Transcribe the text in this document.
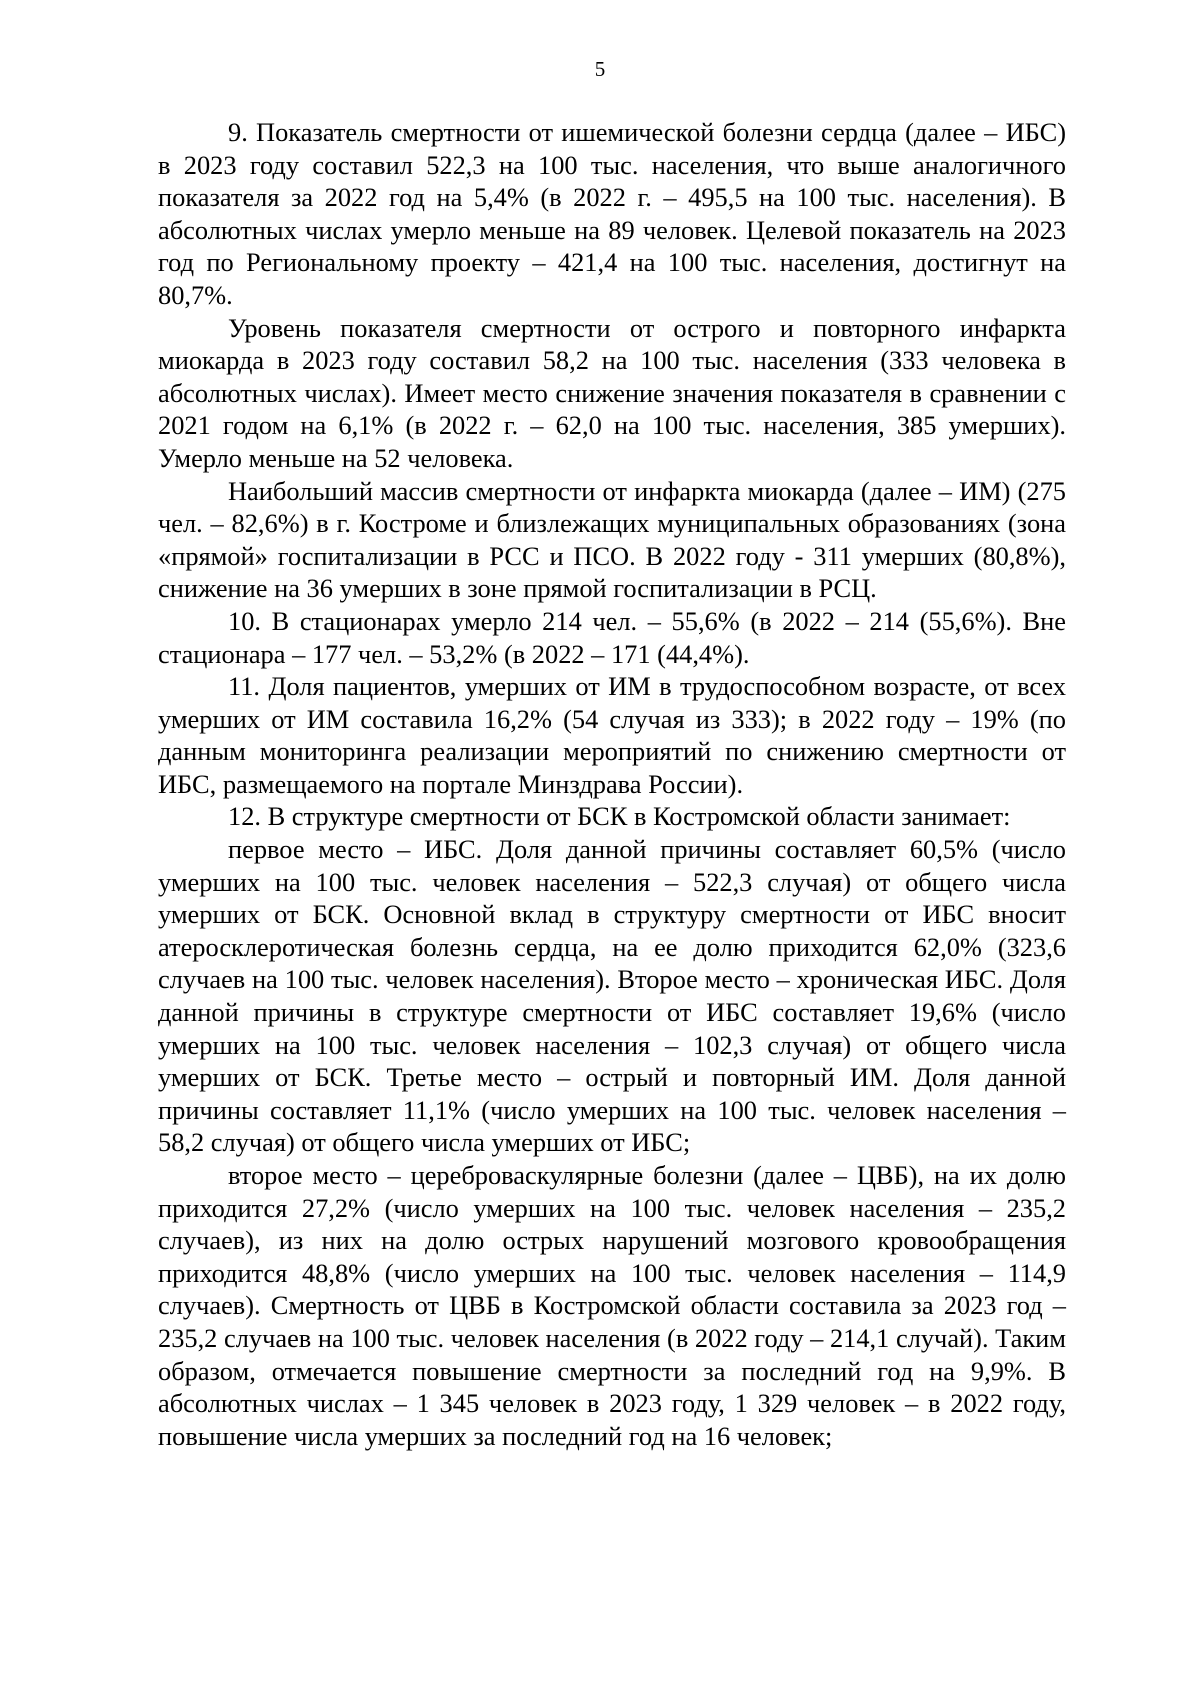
5

9. Показатель смертности от ишемической болезни сердца (далее – ИБС) в 2023 году составил 522,3 на 100 тыс. населения, что выше аналогичного показателя за 2022 год на 5,4% (в 2022 г. – 495,5 на 100 тыс. населения). В абсолютных числах умерло меньше на 89 человек. Целевой показатель на 2023 год по Региональному проекту – 421,4 на 100 тыс. населения, достигнут на 80,7%.

Уровень показателя смертности от острого и повторного инфаркта миокарда в 2023 году составил 58,2 на 100 тыс. населения (333 человека в абсолютных числах). Имеет место снижение значения показателя в сравнении с 2021 годом на 6,1% (в 2022 г. – 62,0 на 100 тыс. населения, 385 умерших). Умерло меньше на 52 человека.

Наибольший массив смертности от инфаркта миокарда (далее – ИМ) (275 чел. – 82,6%) в г. Костроме и близлежащих муниципальных образованиях (зона «прямой» госпитализации в РСС и ПСО. В 2022 году - 311 умерших (80,8%), снижение на 36 умерших в зоне прямой госпитализации в РСЦ.

10. В стационарах умерло 214 чел. – 55,6% (в 2022 – 214 (55,6%). Вне стационара – 177 чел. – 53,2% (в 2022 – 171 (44,4%).

11. Доля пациентов, умерших от ИМ в трудоспособном возрасте, от всех умерших от ИМ составила 16,2% (54 случая из 333); в 2022 году – 19% (по данным мониторинга реализации мероприятий по снижению смертности от ИБС, размещаемого на портале Минздрава России).

12. В структуре смертности от БСК в Костромской области занимает:

первое место – ИБС. Доля данной причины составляет 60,5% (число умерших на 100 тыс. человек населения – 522,3 случая) от общего числа умерших от БСК. Основной вклад в структуру смертности от ИБС вносит атеросклеротическая болезнь сердца, на ее долю приходится 62,0% (323,6 случаев на 100 тыс. человек населения). Второе место – хроническая ИБС. Доля данной причины в структуре смертности от ИБС составляет 19,6% (число умерших на 100 тыс. человек населения – 102,3 случая) от общего числа умерших от БСК. Третье место – острый и повторный ИМ. Доля данной причины составляет 11,1% (число умерших на 100 тыс. человек населения – 58,2 случая) от общего числа умерших от ИБС;

второе место – цереброваскулярные болезни (далее – ЦВБ), на их долю приходится 27,2% (число умерших на 100 тыс. человек населения – 235,2 случаев), из них на долю острых нарушений мозгового кровообращения приходится 48,8% (число умерших на 100 тыс. человек населения – 114,9 случаев). Смертность от ЦВБ в Костромской области составила за 2023 год – 235,2 случаев на 100 тыс. человек населения (в 2022 году – 214,1 случай). Таким образом, отмечается повышение смертности за последний год на 9,9%. В абсолютных числах – 1 345 человек в 2023 году, 1 329 человек – в 2022 году, повышение числа умерших за последний год на 16 человек;
